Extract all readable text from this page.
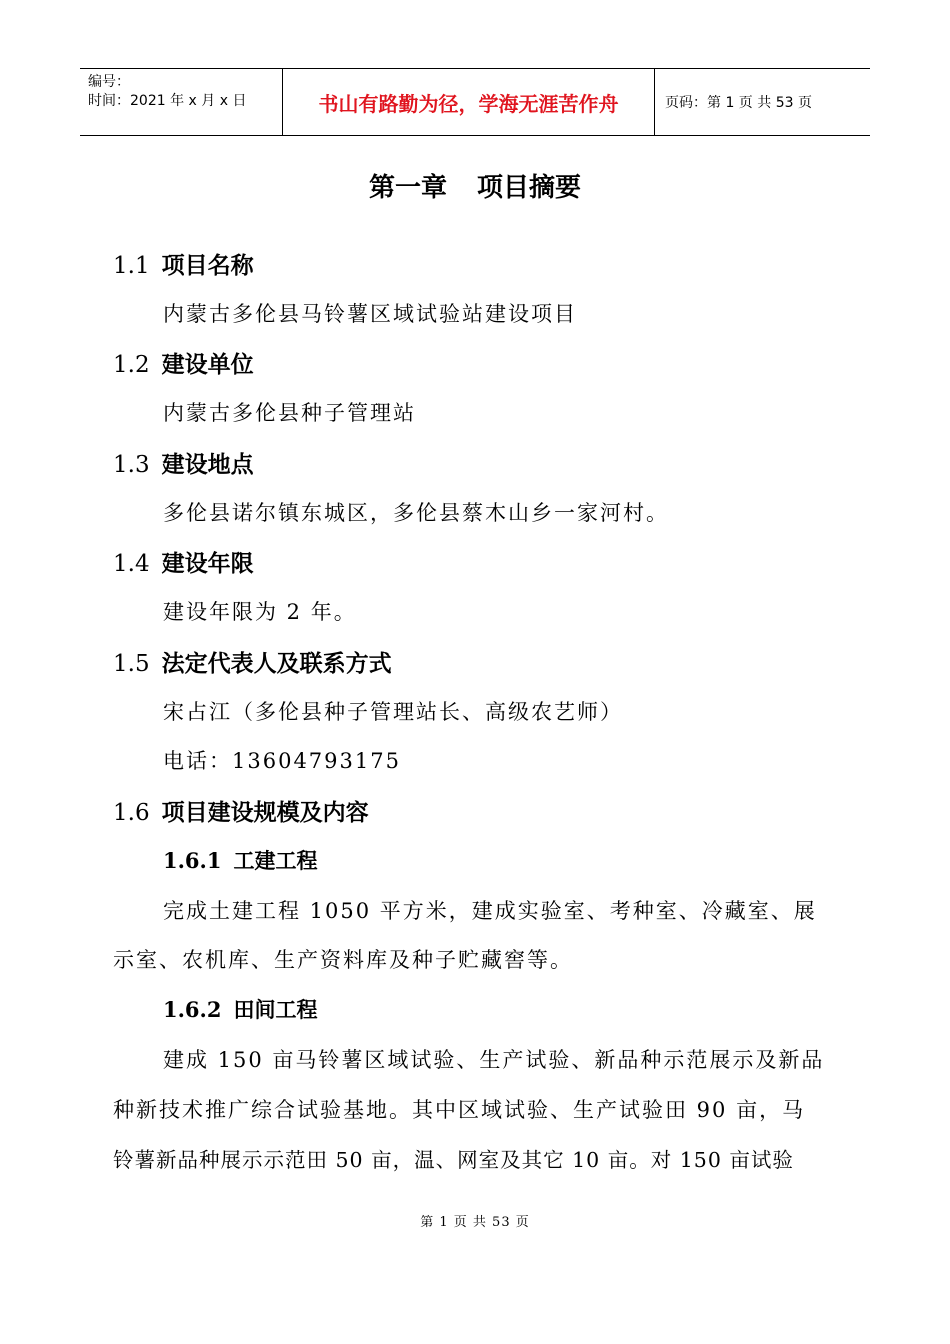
编号：
时间：2021 年 x 月 x 日	书山有路勤为径，学海无涯苦作舟	页码：第 1 页 共 53 页
第一章 项目摘要
1.1 项目名称
内蒙古多伦县马铃薯区域试验站建设项目
1.2 建设单位
内蒙古多伦县种子管理站
1.3 建设地点
多伦县诺尔镇东城区，多伦县蔡木山乡一家河村。
1.4 建设年限
建设年限为 2 年。
1.5 法定代表人及联系方式
宋占江（多伦县种子管理站长、高级农艺师）
电话：13604793175
1.6 项目建设规模及内容
1.6.1 工建工程
完成土建工程 1050 平方米，建成实验室、考种室、冷藏室、展
示室、农机库、生产资料库及种子贮藏窖等。
1.6.2 田间工程
建成 150 亩马铃薯区域试验、生产试验、新品种示范展示及新品
种新技术推广综合试验基地。其中区域试验、生产试验田 90 亩，马
铃薯新品种展示示范田 50 亩，温、网室及其它 10 亩。对 150 亩试验
第 1 页 共 53 页
